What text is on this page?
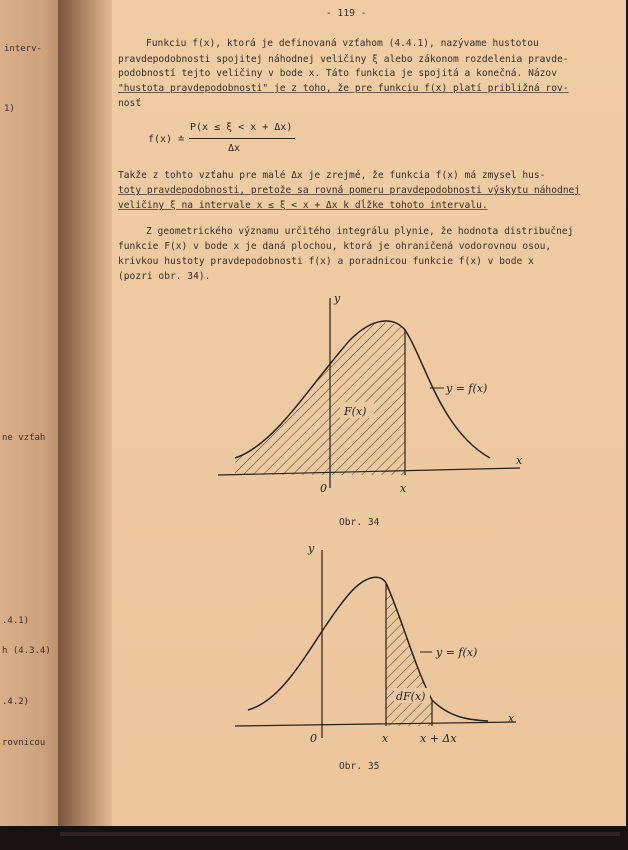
interv-
1)
ne vzťah
.4.1)
h (4.3.4)
.4.2)
rovnicou
- 119 -
Funkciu f(x), ktorá je definovaná vzťahom (4.4.1), nazývame hustotou
pravdepodobnosti spojitej náhodnej veličiny ξ alebo zákonom rozdelenia pravde-
podobností tejto veličiny v bode x. Táto funkcia je spojitá a konečná. Názov
"hustota pravdepodobnosti" je z toho, že pre funkciu f(x) platí približná rov-
nosť
f(x) ≐
P(x ≤ ξ < x + Δx)
Δx
Takže z tohto vzťahu pre malé Δx je zrejmé, že funkcia f(x) má zmysel hus-
toty pravdepodobnosti, pretože sa rovná pomeru pravdepodobnosti výskytu náhodnej
veličiny ξ na intervale x ≤ ξ < x + Δx k dĺžke tohoto intervalu.
Z geometrického významu určitého integrálu plynie, že hodnota distribučnej
funkcie F(x) v bode x je daná plochou, ktorá je ohraničená vodorovnou osou,
krivkou hustoty pravdepodobnosti f(x) a poradnicou funkcie f(x) v bode x
(pozri obr. 34).
y
x
0	x
y = f(x)
F(x)
Obr. 34
y
x
0	x	x + Δx
y = f(x)
dF(x)
Obr. 35
